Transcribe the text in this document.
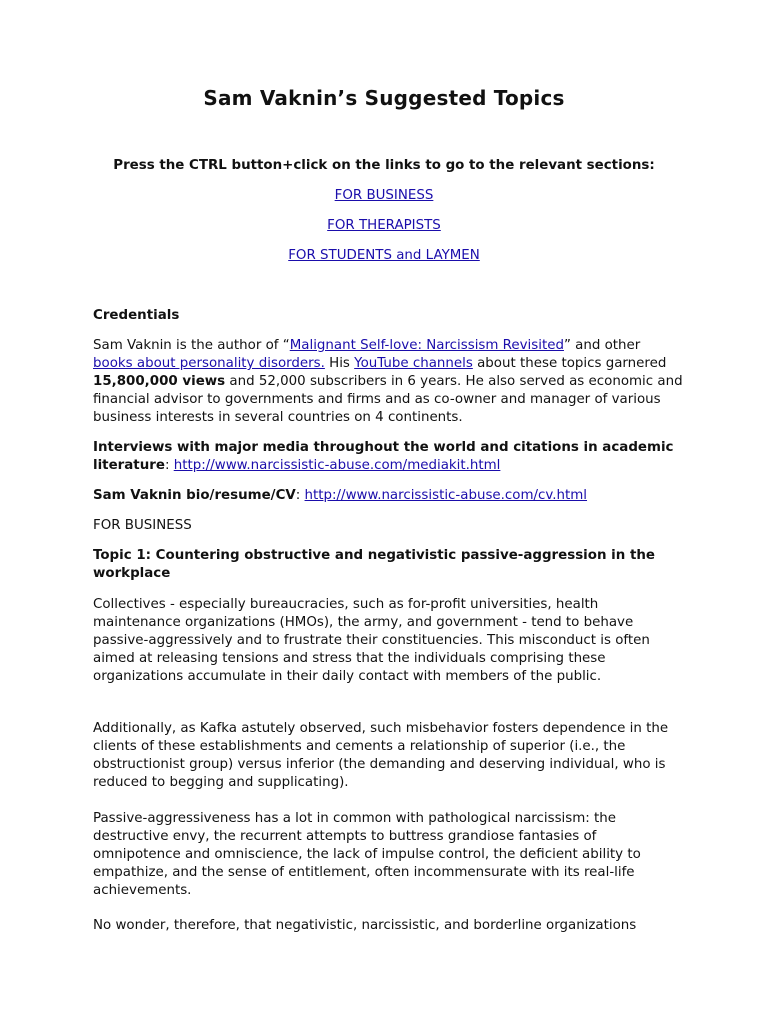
Sam Vaknin’s Suggested Topics
Press the CTRL button+click on the links to go to the relevant sections:
FOR BUSINESS
FOR THERAPISTS
FOR STUDENTS and LAYMEN
Credentials
Sam Vaknin is the author of “Malignant Self-love: Narcissism Revisited” and other books about personality disorders. His YouTube channels about these topics garnered 15,800,000 views and 52,000 subscribers in 6 years. He also served as economic and financial advisor to governments and firms and as co-owner and manager of various business interests in several countries on 4 continents.
Interviews with major media throughout the world and citations in academic literature: http://www.narcissistic-abuse.com/mediakit.html
Sam Vaknin bio/resume/CV: http://www.narcissistic-abuse.com/cv.html
FOR BUSINESS
Topic 1: Countering obstructive and negativistic passive-aggression in the workplace
Collectives - especially bureaucracies, such as for-profit universities, health maintenance organizations (HMOs), the army, and government - tend to behave passive-aggressively and to frustrate their constituencies. This misconduct is often aimed at releasing tensions and stress that the individuals comprising these organizations accumulate in their daily contact with members of the public.
Additionally, as Kafka astutely observed, such misbehavior fosters dependence in the clients of these establishments and cements a relationship of superior (i.e., the obstructionist group) versus inferior (the demanding and deserving individual, who is reduced to begging and supplicating).
Passive-aggressiveness has a lot in common with pathological narcissism: the destructive envy, the recurrent attempts to buttress grandiose fantasies of omnipotence and omniscience, the lack of impulse control, the deficient ability to empathize, and the sense of entitlement, often incommensurate with its real-life achievements.
No wonder, therefore, that negativistic, narcissistic, and borderline organizations
